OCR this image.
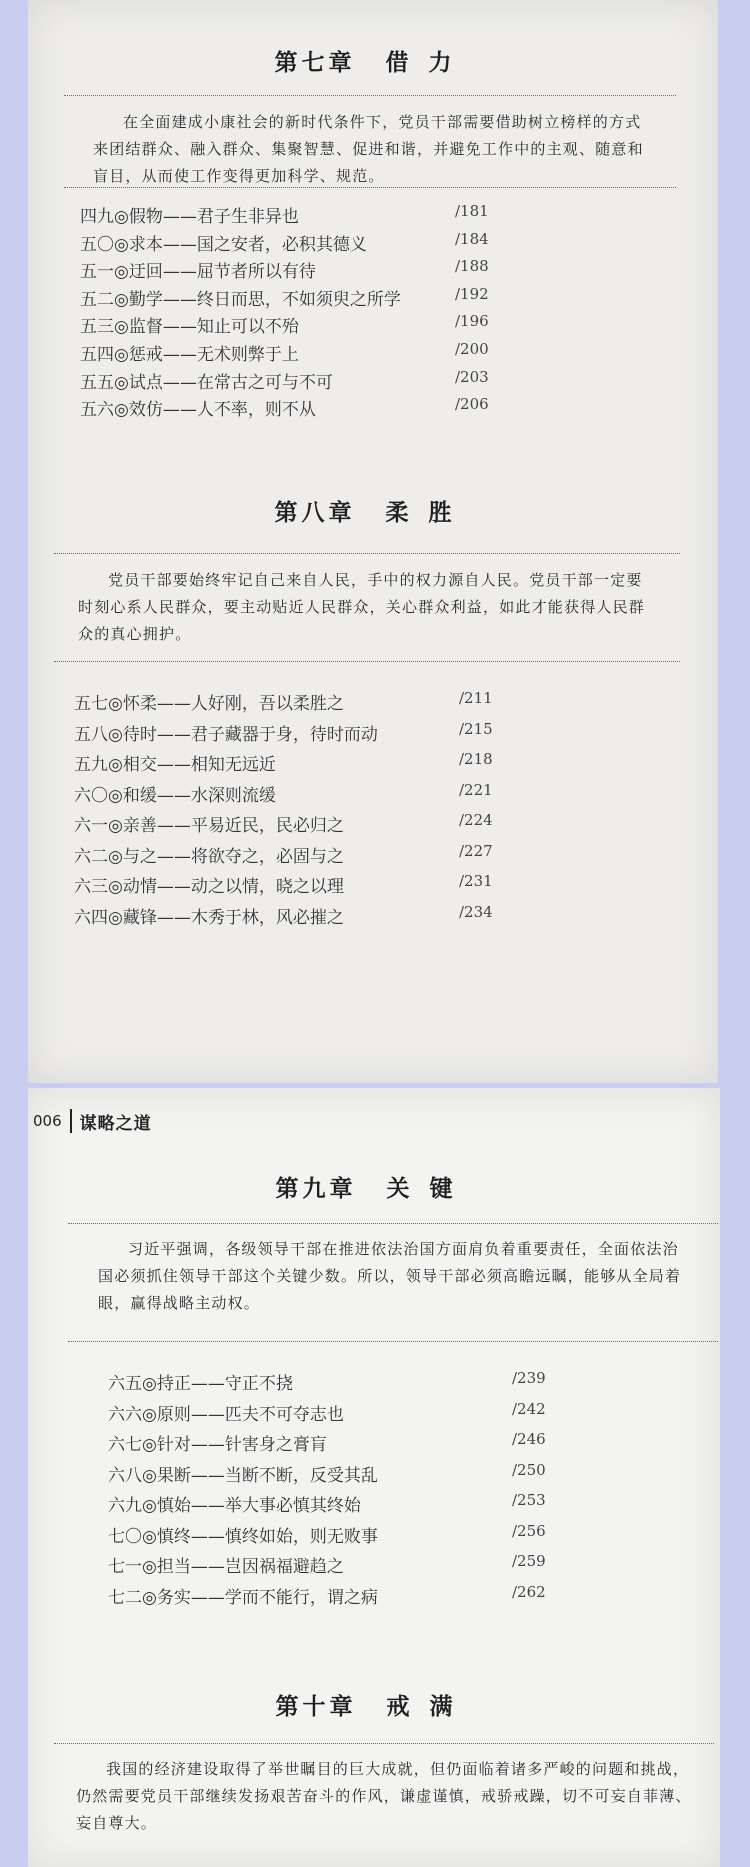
第七章 借力
在全面建成小康社会的新时代条件下，党员干部需要借助树立榜样的方式来团结群众、融入群众、集聚智慧、促进和谐，并避免工作中的主观、随意和盲目，从而使工作变得更加科学、规范。
四九◎假物——君子生非异也	/181
五〇◎求本——国之安者，必积其德义	/184
五一◎迂回——屈节者所以有待	/188
五二◎勤学——终日而思，不如须臾之所学	/192
五三◎监督——知止可以不殆	/196
五四◎惩戒——无术则弊于上	/200
五五◎试点——在常古之可与不可	/203
五六◎效仿——人不率，则不从	/206
第八章 柔胜
党员干部要始终牢记自己来自人民，手中的权力源自人民。党员干部一定要时刻心系人民群众，要主动贴近人民群众，关心群众利益，如此才能获得人民群众的真心拥护。
五七◎怀柔——人好刚，吾以柔胜之	/211
五八◎待时——君子藏器于身，待时而动	/215
五九◎相交——相知无远近	/218
六〇◎和缓——水深则流缓	/221
六一◎亲善——平易近民，民必归之	/224
六二◎与之——将欲夺之，必固与之	/227
六三◎动情——动之以情，晓之以理	/231
六四◎藏锋——木秀于林，风必摧之	/234
006 谋略之道
第九章 关键
习近平强调，各级领导干部在推进依法治国方面肩负着重要责任，全面依法治国必须抓住领导干部这个关键少数。所以，领导干部必须高瞻远瞩，能够从全局着眼，赢得战略主动权。
六五◎持正——守正不挠	/239
六六◎原则——匹夫不可夺志也	/242
六七◎针对——针害身之膏肓	/246
六八◎果断——当断不断，反受其乱	/250
六九◎慎始——举大事必慎其终始	/253
七〇◎慎终——慎终如始，则无败事	/256
七一◎担当——岂因祸福避趋之	/259
七二◎务实——学而不能行，谓之病	/262
第十章 戒满
我国的经济建设取得了举世瞩目的巨大成就，但仍面临着诸多严峻的问题和挑战，仍然需要党员干部继续发扬艰苦奋斗的作风，谦虚谨慎，戒骄戒躁，切不可妄自菲薄、妄自尊大。
